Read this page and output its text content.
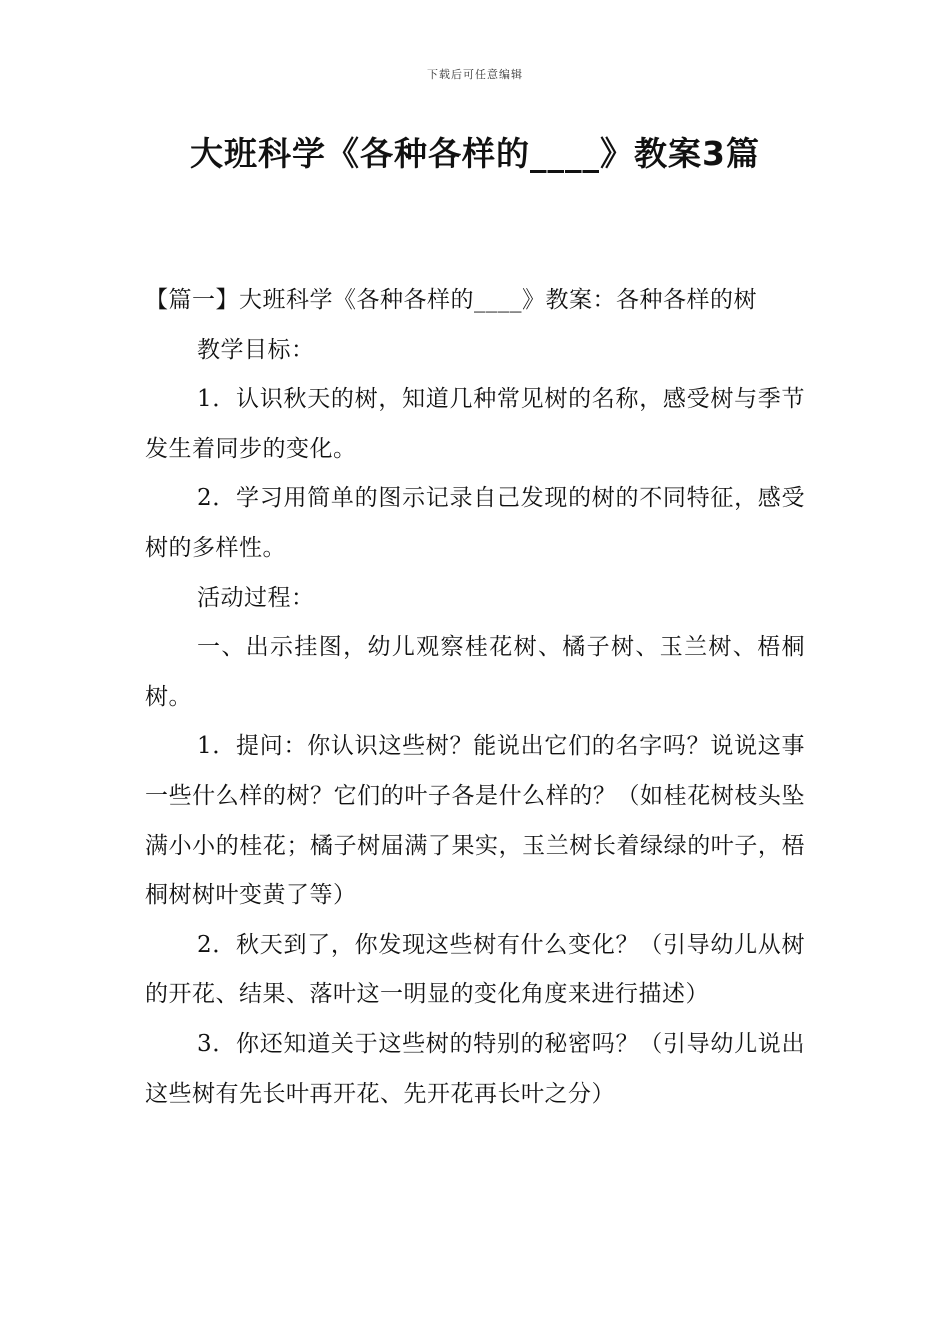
下载后可任意编辑
大班科学《各种各样的____》教案3篇

【篇一】大班科学《各种各样的____》教案：各种各样的树

教学目标：

1．认识秋天的树，知道几种常见树的名称，感受树与季节发生着同步的变化。

2．学习用简单的图示记录自己发现的树的不同特征，感受树的多样性。

活动过程：

一、出示挂图，幼儿观察桂花树、橘子树、玉兰树、梧桐树。

1．提问：你认识这些树？能说出它们的名字吗？说说这事一些什么样的树？它们的叶子各是什么样的？（如桂花树枝头坠满小小的桂花；橘子树届满了果实，玉兰树长着绿绿的叶子，梧桐树树叶变黄了等）

2．秋天到了，你发现这些树有什么变化？（引导幼儿从树的开花、结果、落叶这一明显的变化角度来进行描述）

3．你还知道关于这些树的特别的秘密吗？（引导幼儿说出这些树有先长叶再开花、先开花再长叶之分）
